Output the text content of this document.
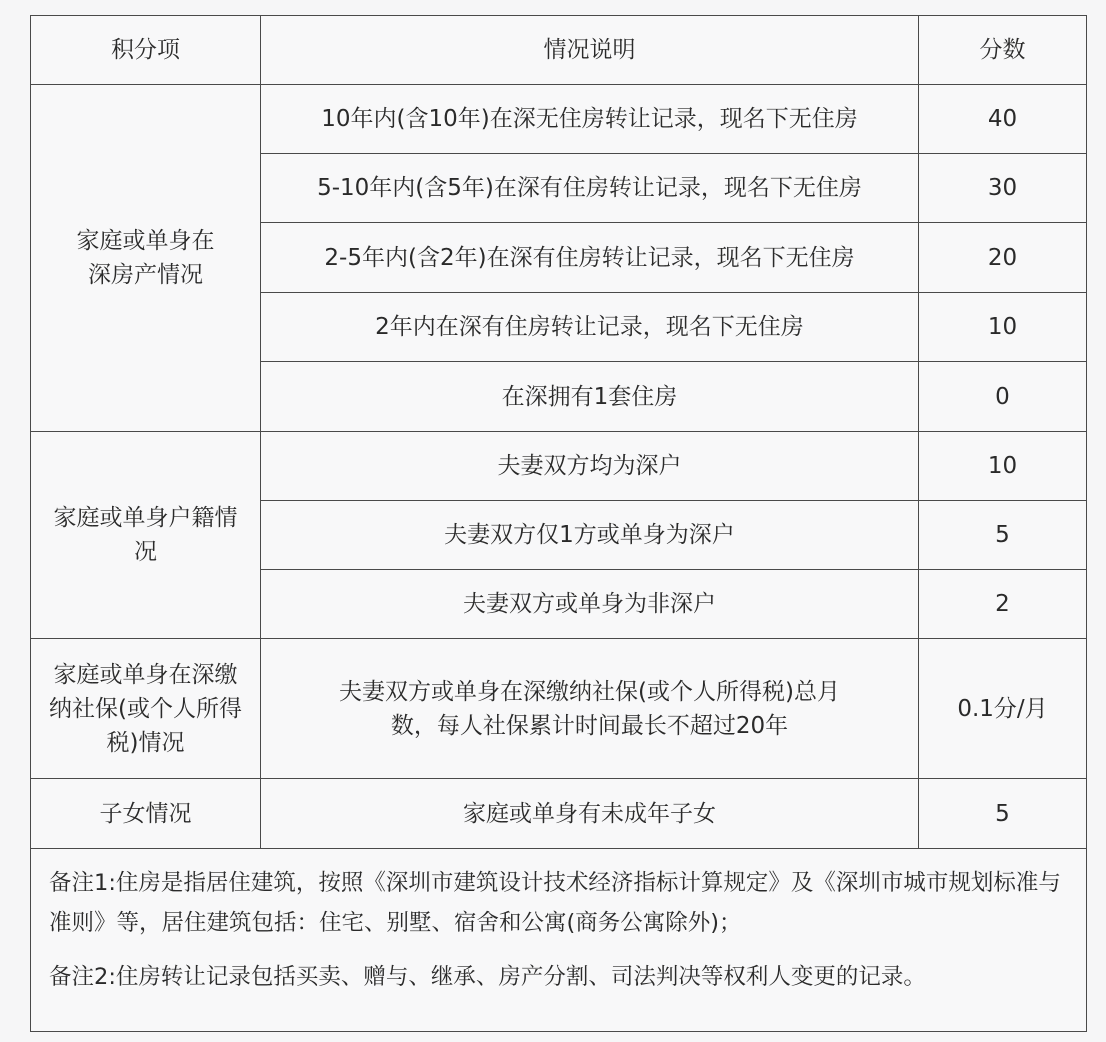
积分项	情况说明	分数

家庭或单身在深房产情况	10年内(含10年)在深无住房转让记录，现名下无住房	40
	5-10年内(含5年)在深有住房转让记录，现名下无住房	30
	2-5年内(含2年)在深有住房转让记录，现名下无住房	20
	2年内在深有住房转让记录，现名下无住房	10
	在深拥有1套住房	0

家庭或单身户籍情况	夫妻双方均为深户	10
	夫妻双方仅1方或单身为深户	5
	夫妻双方或单身为非深户	2

家庭或单身在深缴纳社保(或个人所得税)情况	夫妻双方或单身在深缴纳社保(或个人所得税)总月数，每人社保累计时间最长不超过20年	0.1分/月
子女情况	家庭或单身有未成年子女	5

备注1:住房是指居住建筑，按照《深圳市建筑设计技术经济指标计算规定》及《深圳市城市规划标准与准则》等，居住建筑包括：住宅、别墅、宿舍和公寓(商务公寓除外)；
备注2:住房转让记录包括买卖、赠与、继承、房产分割、司法判决等权利人变更的记录。		
